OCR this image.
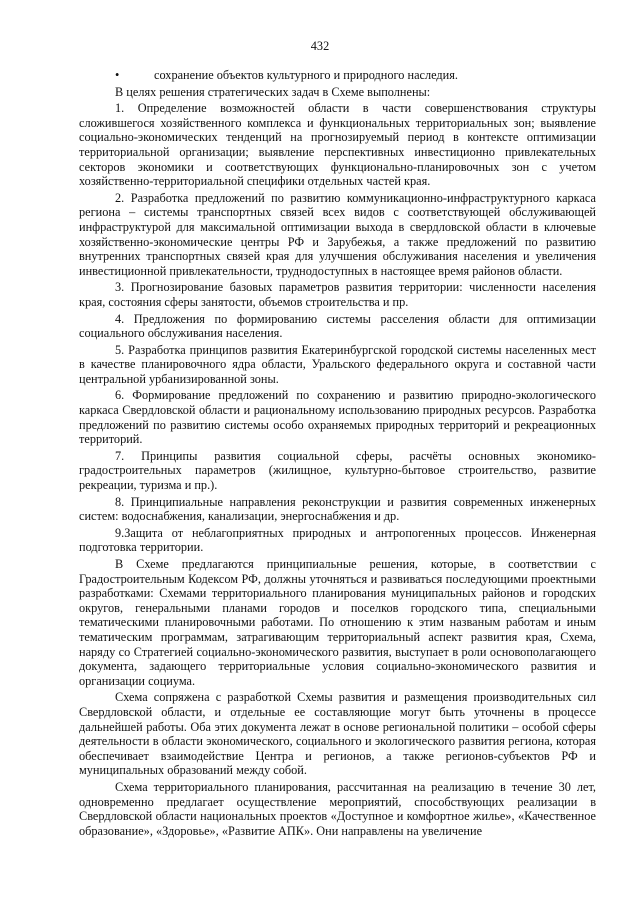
432
•	сохранение объектов культурного и природного наследия.

В целях решения стратегических задач в Схеме выполнены:

1. Определение возможностей области в части совершенствования структуры сложившегося хозяйственного комплекса и функциональных территориальных зон; выявление социально-экономических тенденций на прогнозируемый период в контексте оптимизации территориальной организации; выявление перспективных инвестиционно привлекательных секторов экономики и соответствующих функционально-планировочных зон с учетом хозяйственно-территориальной специфики отдельных частей края.

2. Разработка предложений по развитию коммуникационно-инфраструктурного каркаса региона – системы транспортных связей всех видов с соответствующей обслуживающей инфраструктурой для максимальной оптимизации выхода в свердловской области в ключевые хозяйственно-экономические центры РФ и Зарубежья, а также предложений по развитию внутренних транспортных связей края для улучшения обслуживания населения и увеличения инвестиционной привлекательности, труднодоступных в настоящее время районов области.

3. Прогнозирование базовых параметров развития территории: численности населения края, состояния сферы занятости, объемов строительства и пр.

4. Предложения по формированию системы расселения области для оптимизации социального обслуживания населения.

5. Разработка принципов развития Екатеринбургской городской системы населенных мест в качестве планировочного ядра области, Уральского федерального округа и составной части центральной урбанизированной зоны.

6. Формирование предложений по сохранению и развитию природно-экологического каркаса Свердловской области и рациональному использованию природных ресурсов. Разработка предложений по развитию системы особо охраняемых природных территорий и рекреационных территорий.

7. Принципы развития социальной сферы, расчёты основных экономико-градостроительных параметров (жилищное, культурно-бытовое строительство, развитие рекреации, туризма и пр.).

8. Принципиальные направления реконструкции и развития современных инженерных систем: водоснабжения, канализации, энергоснабжения и др.

9.Защита от неблагоприятных природных и антропогенных процессов. Инженерная подготовка территории.

В Схеме предлагаются принципиальные решения, которые, в соответствии с Градостроительным Кодексом РФ, должны уточняться и развиваться последующими проектными разработками: Схемами территориального планирования муниципальных районов и городских округов, генеральными планами городов и поселков городского типа, специальными тематическими планировочными работами. По отношению к этим названым работам и иным тематическим программам, затрагивающим территориальный аспект развития края, Схема, наряду со Стратегией социально-экономического развития, выступает в роли основополагающего документа, задающего территориальные условия социально-экономического развития и организации социума.

Схема сопряжена с разработкой Схемы развития и размещения производительных сил Свердловской области, и отдельные ее составляющие могут быть уточнены в процессе дальнейшей работы. Оба этих документа лежат в основе региональной политики – особой сферы деятельности в области экономического, социального и экологического развития региона, которая обеспечивает взаимодействие Центра и регионов, а также регионов-субъектов РФ и муниципальных образований между собой.

Схема территориального планирования, рассчитанная на реализацию в течение 30 лет, одновременно предлагает осуществление мероприятий, способствующих реализации в Свердловской области национальных проектов «Доступное и комфортное жилье», «Качественное образование», «Здоровье», «Развитие АПК». Они направлены на увеличение
